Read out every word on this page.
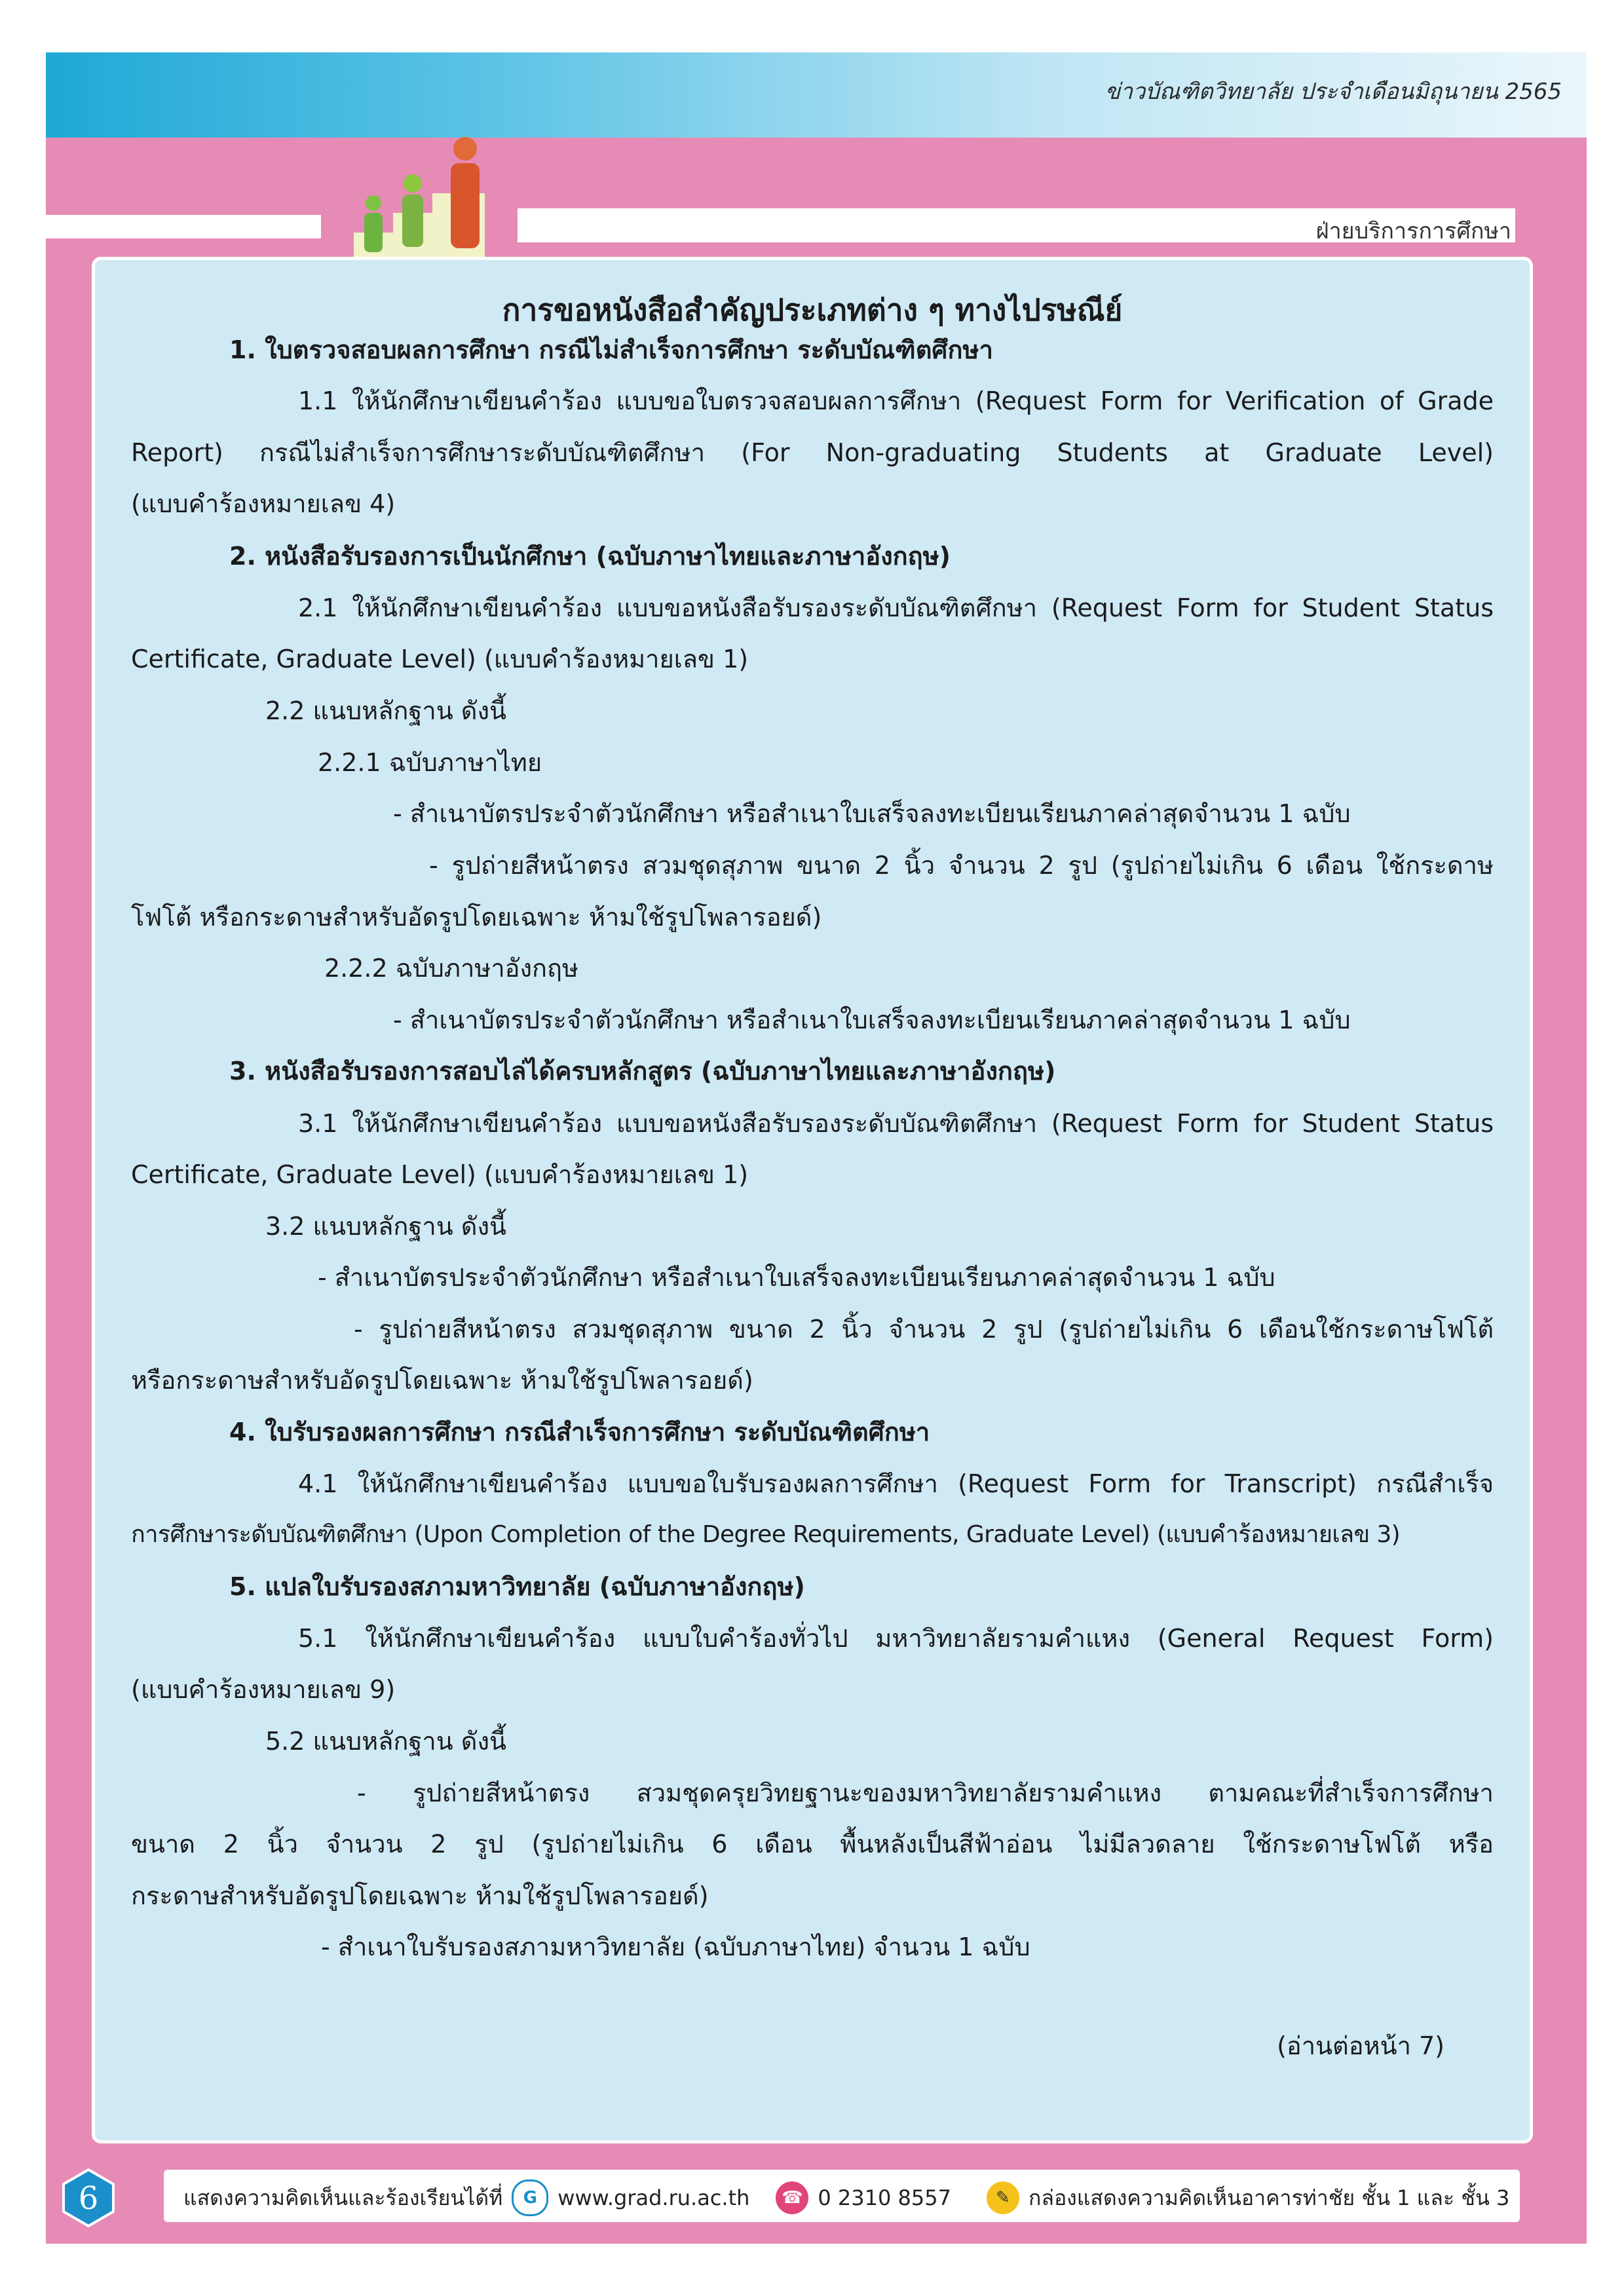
ข่าวบัณฑิตวิทยาลัย ประจำเดือนมิถุนายน 2565
ฝ่ายบริการการศึกษา
การขอหนังสือสำคัญประเภทต่าง ๆ ทางไปรษณีย์
1. ใบตรวจสอบผลการศึกษา กรณีไม่สำเร็จการศึกษา ระดับบัณฑิตศึกษา
1.1 ให้นักศึกษาเขียนคำร้อง แบบขอใบตรวจสอบผลการศึกษา (Request Form for Verification of Grade
Report) กรณีไม่สำเร็จการศึกษาระดับบัณฑิตศึกษา (For Non-graduating Students at Graduate Level)
(แบบคำร้องหมายเลข 4)
2. หนังสือรับรองการเป็นนักศึกษา (ฉบับภาษาไทยและภาษาอังกฤษ)
2.1 ให้นักศึกษาเขียนคำร้อง แบบขอหนังสือรับรองระดับบัณฑิตศึกษา (Request Form for Student Status
Certificate, Graduate Level) (แบบคำร้องหมายเลข 1)
2.2 แนบหลักฐาน ดังนี้
2.2.1 ฉบับภาษาไทย
- สำเนาบัตรประจำตัวนักศึกษา หรือสำเนาใบเสร็จลงทะเบียนเรียนภาคล่าสุดจำนวน 1 ฉบับ
- รูปถ่ายสีหน้าตรง สวมชุดสุภาพ ขนาด 2 นิ้ว จำนวน 2 รูป (รูปถ่ายไม่เกิน 6 เดือน ใช้กระดาษ
โฟโต้ หรือกระดาษสำหรับอัดรูปโดยเฉพาะ ห้ามใช้รูปโพลารอยด์)
2.2.2 ฉบับภาษาอังกฤษ
- สำเนาบัตรประจำตัวนักศึกษา หรือสำเนาใบเสร็จลงทะเบียนเรียนภาคล่าสุดจำนวน 1 ฉบับ
3. หนังสือรับรองการสอบไล่ได้ครบหลักสูตร (ฉบับภาษาไทยและภาษาอังกฤษ)
3.1 ให้นักศึกษาเขียนคำร้อง แบบขอหนังสือรับรองระดับบัณฑิตศึกษา (Request Form for Student Status
Certificate, Graduate Level) (แบบคำร้องหมายเลข 1)
3.2 แนบหลักฐาน ดังนี้
- สำเนาบัตรประจำตัวนักศึกษา หรือสำเนาใบเสร็จลงทะเบียนเรียนภาคล่าสุดจำนวน 1 ฉบับ
- รูปถ่ายสีหน้าตรง สวมชุดสุภาพ ขนาด 2 นิ้ว จำนวน 2 รูป (รูปถ่ายไม่เกิน 6 เดือนใช้กระดาษโฟโต้
หรือกระดาษสำหรับอัดรูปโดยเฉพาะ ห้ามใช้รูปโพลารอยด์)
4. ใบรับรองผลการศึกษา กรณีสำเร็จการศึกษา ระดับบัณฑิตศึกษา
4.1 ให้นักศึกษาเขียนคำร้อง แบบขอใบรับรองผลการศึกษา (Request Form for Transcript) กรณีสำเร็จ
การศึกษาระดับบัณฑิตศึกษา (Upon Completion of the Degree Requirements, Graduate Level) (แบบคำร้องหมายเลข 3)
5. แปลใบรับรองสภามหาวิทยาลัย (ฉบับภาษาอังกฤษ)
5.1 ให้นักศึกษาเขียนคำร้อง แบบใบคำร้องทั่วไป มหาวิทยาลัยรามคำแหง (General Request Form)
(แบบคำร้องหมายเลข 9)
5.2 แนบหลักฐาน ดังนี้
- รูปถ่ายสีหน้าตรง สวมชุดครุยวิทยฐานะของมหาวิทยาลัยรามคำแหง ตามคณะที่สำเร็จการศึกษา
ขนาด 2 นิ้ว จำนวน 2 รูป (รูปถ่ายไม่เกิน 6 เดือน พื้นหลังเป็นสีฟ้าอ่อน ไม่มีลวดลาย ใช้กระดาษโฟโต้ หรือ
กระดาษสำหรับอัดรูปโดยเฉพาะ ห้ามใช้รูปโพลารอยด์)
- สำเนาใบรับรองสภามหาวิทยาลัย (ฉบับภาษาไทย) จำนวน 1 ฉบับ
(อ่านต่อหน้า 7)
6	แสดงความคิดเห็นและร้องเรียนได้ที่	G www.grad.ru.ac.th	☎ 0 2310 8557	✎ กล่องแสดงความคิดเห็นอาคารท่าชัย ชั้น 1 และ ชั้น 3
